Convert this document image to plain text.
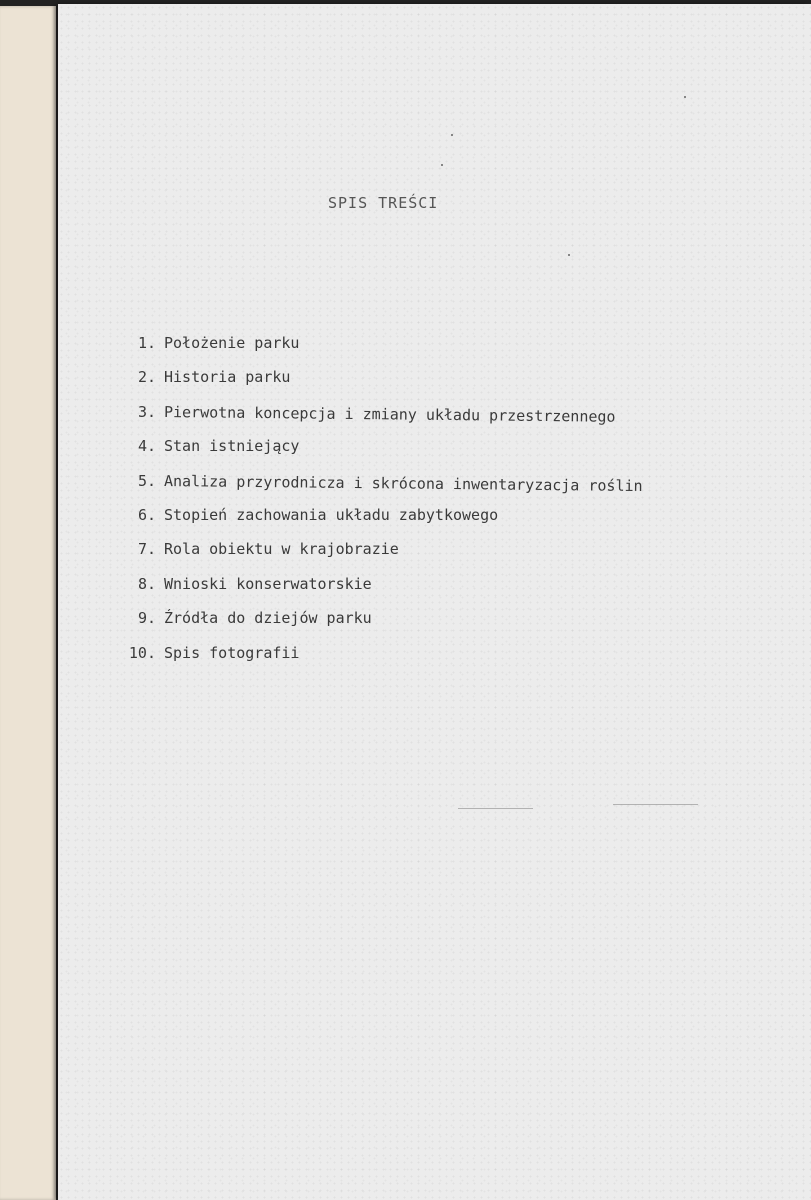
SPIS TREŚCI
1. Położenie parku
2. Historia parku
3. Pierwotna koncepcja i zmiany układu przestrzennego
4. Stan istniejący
5. Analiza przyrodnicza i skrócona inwentaryzacja roślin
6. Stopień zachowania układu zabytkowego
7. Rola obiektu w krajobrazie
8. Wnioski konserwatorskie
9. Źródła do dziejów parku
10. Spis fotografii
